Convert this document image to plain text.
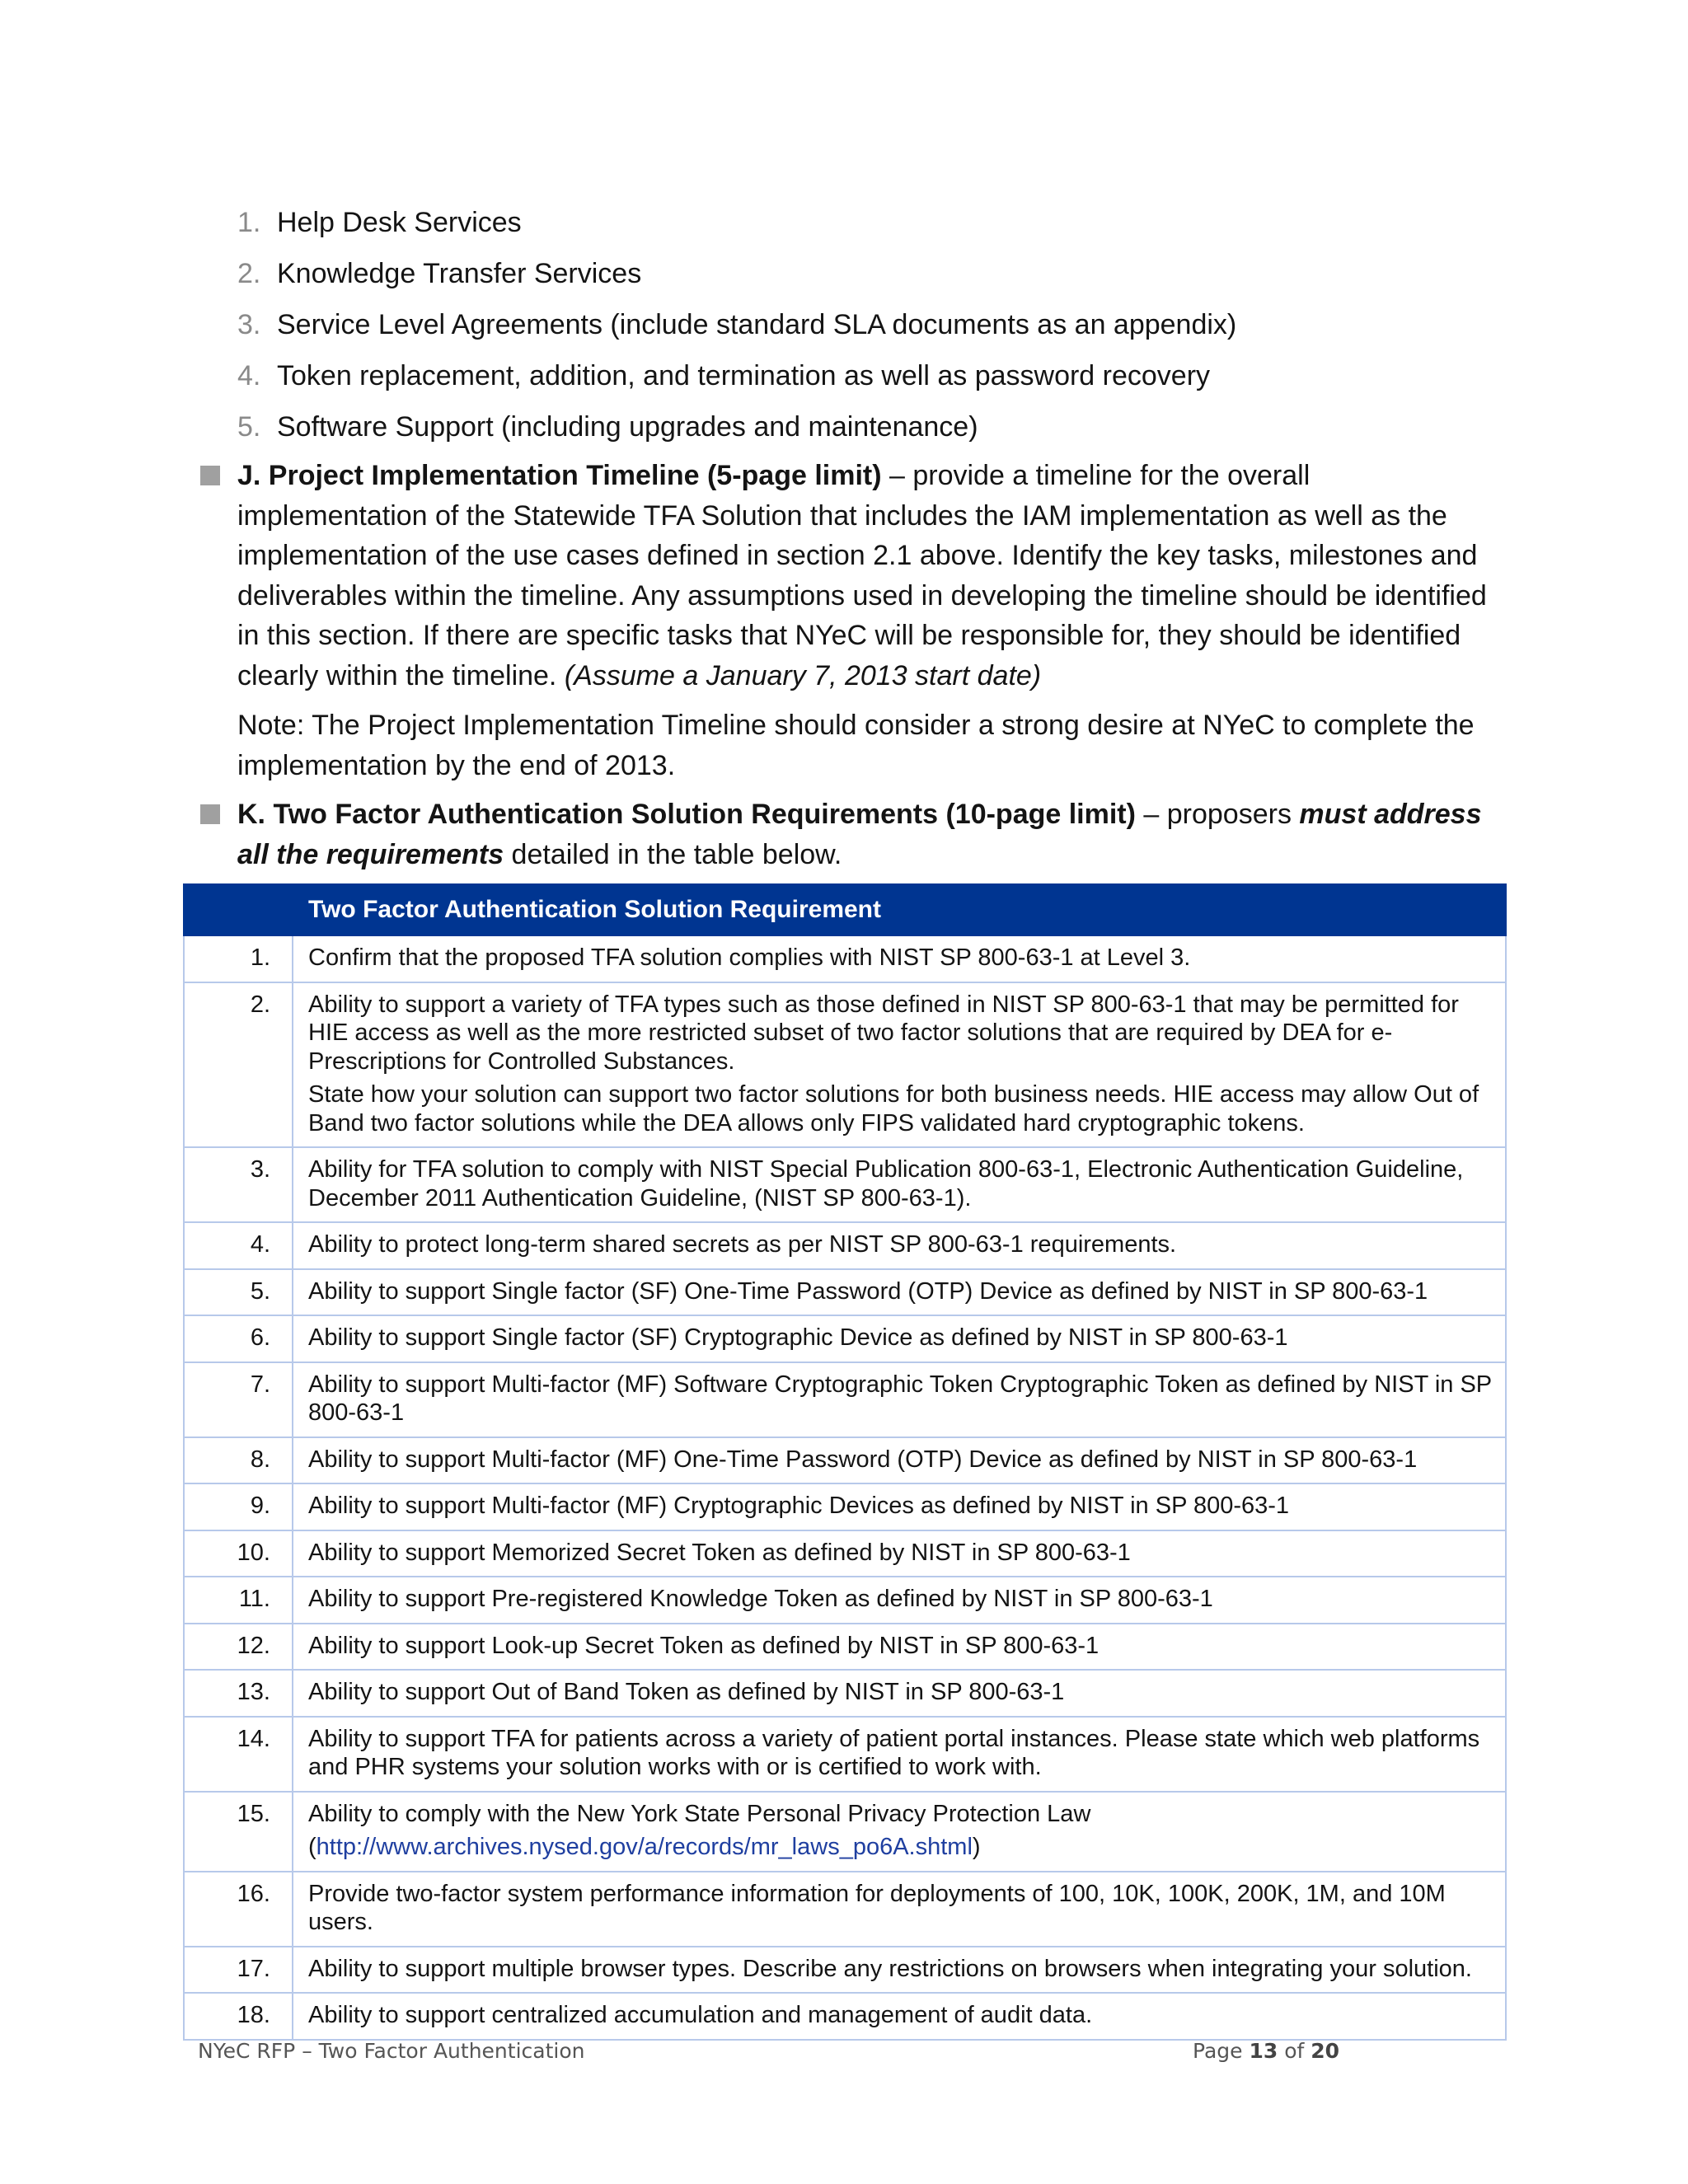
1. Help Desk Services
2. Knowledge Transfer Services
3. Service Level Agreements (include standard SLA documents as an appendix)
4. Token replacement, addition, and termination as well as password recovery
5. Software Support (including upgrades and maintenance)
J. Project Implementation Timeline (5-page limit) – provide a timeline for the overall implementation of the Statewide TFA Solution that includes the IAM implementation as well as the implementation of the use cases defined in section 2.1 above. Identify the key tasks, milestones and deliverables within the timeline. Any assumptions used in developing the timeline should be identified in this section. If there are specific tasks that NYeC will be responsible for, they should be identified clearly within the timeline. (Assume a January 7, 2013 start date)
Note: The Project Implementation Timeline should consider a strong desire at NYeC to complete the implementation by the end of 2013.
K. Two Factor Authentication Solution Requirements (10-page limit) – proposers must address all the requirements detailed in the table below.
	Two Factor Authentication Solution Requirement
1.	Confirm that the proposed TFA solution complies with NIST SP 800-63-1 at Level 3.
2.	Ability to support a variety of TFA types such as those defined in NIST SP 800-63-1 that may be permitted for HIE access as well as the more restricted subset of two factor solutions that are required by DEA for e-Prescriptions for Controlled Substances.

State how your solution can support two factor solutions for both business needs. HIE access may allow Out of Band two factor solutions while the DEA allows only FIPS validated hard cryptographic tokens.

3.	Ability for TFA solution to comply with NIST Special Publication 800-63-1, Electronic Authentication Guideline, December 2011 Authentication Guideline, (NIST SP 800-63-1).
4.	Ability to protect long-term shared secrets as per NIST SP 800-63-1 requirements.
5.	Ability to support Single factor (SF) One-Time Password (OTP) Device as defined by NIST in SP 800-63-1
6.	Ability to support Single factor (SF) Cryptographic Device as defined by NIST in SP 800-63-1
7.	Ability to support Multi-factor (MF) Software Cryptographic Token Cryptographic Token as defined by NIST in SP 800-63-1
8.	Ability to support Multi-factor (MF) One-Time Password (OTP) Device as defined by NIST in SP 800-63-1
9.	Ability to support Multi-factor (MF) Cryptographic Devices as defined by NIST in SP 800-63-1
10.	Ability to support Memorized Secret Token as defined by NIST in SP 800-63-1
11.	Ability to support Pre-registered Knowledge Token as defined by NIST in SP 800-63-1
12.	Ability to support Look-up Secret Token as defined by NIST in SP 800-63-1
13.	Ability to support Out of Band Token as defined by NIST in SP 800-63-1
14.	Ability to support TFA for patients across a variety of patient portal instances. Please state which web platforms and PHR systems your solution works with or is certified to work with.
15.	Ability to comply with the New York State Personal Privacy Protection Law

(http://www.archives.nysed.gov/a/records/mr_laws_po6A.shtml)

16.	Provide two-factor system performance information for deployments of 100, 10K, 100K, 200K, 1M, and 10M users.
17.	Ability to support multiple browser types. Describe any restrictions on browsers when integrating your solution.
18.	Ability to support centralized accumulation and management of audit data.
NYeC RFP – Two Factor Authentication	Page 13 of 20
